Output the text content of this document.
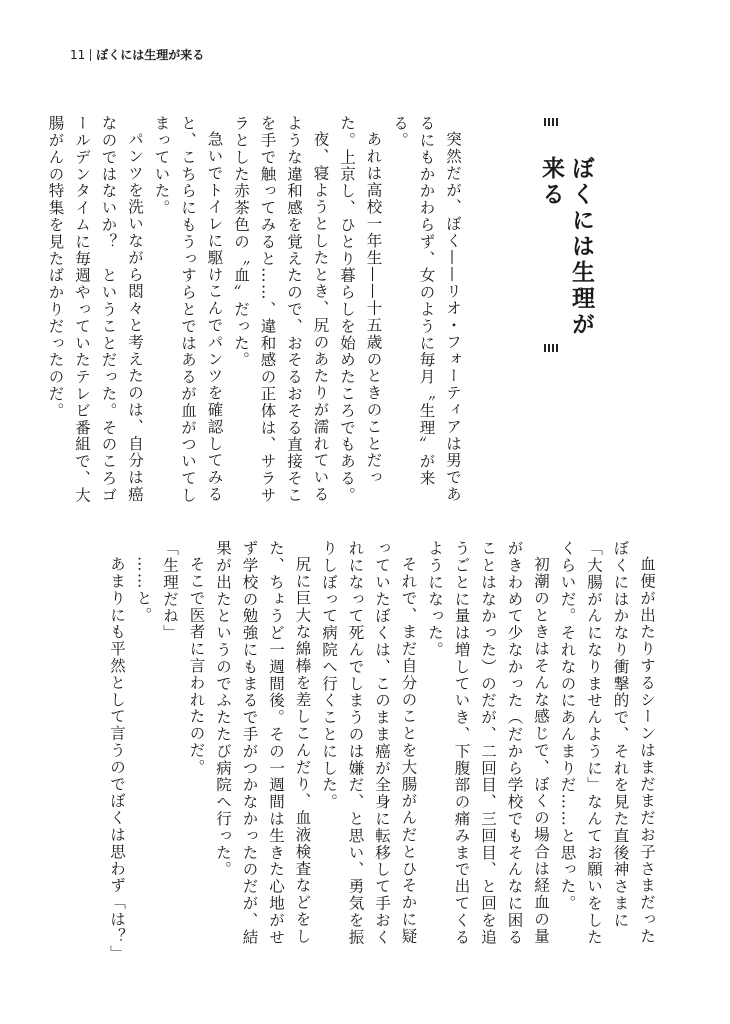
11 ぼくには生理が来る
ぼくには生理が来る

突然だが、ぼく——リオ・フォーティアは男であるにもかかわらず、女のように毎月〝生理〟が来る。

あれは高校一年生——十五歳のときのことだった。上京し、ひとり暮らしを始めたころでもある。

夜、寝ようとしたとき、尻のあたりが濡れているような違和感を覚えたので、おそるおそる直接そこを手で触ってみると……、違和感の正体は、サラサラとした赤茶色の〝血〟だった。

急いでトイレに駆けこんでパンツを確認してみると、こちらにもうっすらとではあるが血がついてしまっていた。

パンツを洗いながら悶々と考えたのは、自分は癌なのではないか？　ということだった。そのころゴールデンタイムに毎週やっていたテレビ番組で、大腸がんの特集を見たばかりだったのだ。

血便が出たりするシーンはまだまだお子さまだったぼくにはかなり衝撃的で、それを見た直後神さまに「大腸がんになりませんように」なんてお願いをしたくらいだ。それなのにあんまりだ……と思った。

初潮のときはそんな感じで、ぼくの場合は経血の量がきわめて少なかった（だから学校でもそんなに困ることはなかった）のだが、二回目、三回目、と回を追うごとに量は増していき、下腹部の痛みまで出てくるようになった。

それで、まだ自分のことを大腸がんだとひそかに疑っていたぼくは、このまま癌が全身に転移して手おくれになって死んでしまうのは嫌だ、と思い、勇気を振りしぼって病院へ行くことにした。

尻に巨大な綿棒を差しこんだり、血液検査などをした、ちょうど一週間後。その一週間は生きた心地がせず学校の勉強にもまるで手がつかなかったのだが、結果が出たというのでふたたび病院へ行った。

そこで医者に言われたのだ。

「生理だね」

……と。

あまりにも平然として言うのでぼくは思わず「は？」
